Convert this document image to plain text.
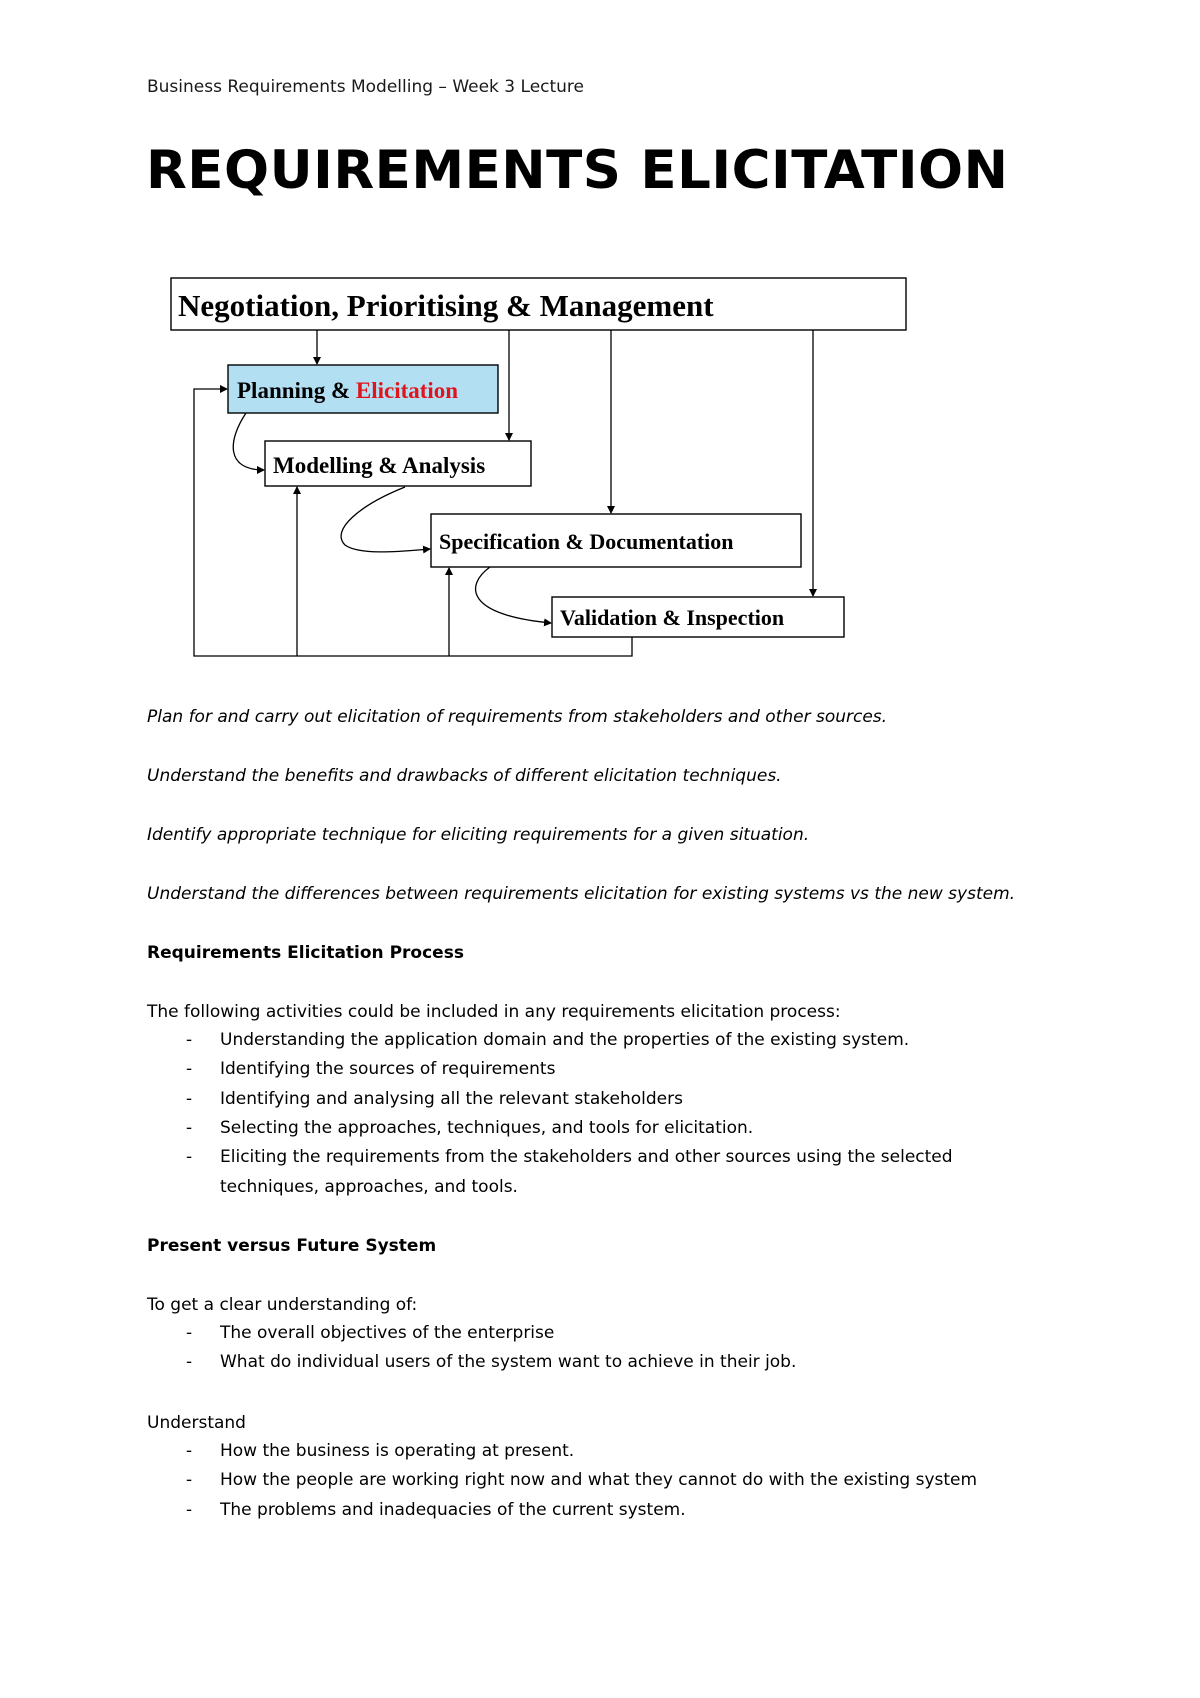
Business Requirements Modelling – Week 3 Lecture
REQUIREMENTS ELICITATION
Negotiation, Prioritising & Management
Planning & Elicitation
Modelling & Analysis
Specification & Documentation
Validation & Inspection
Plan for and carry out elicitation of requirements from stakeholders and other sources.
Understand the benefits and drawbacks of different elicitation techniques.
Identify appropriate technique for eliciting requirements for a given situation.
Understand the differences between requirements elicitation for existing systems vs the new system.
Requirements Elicitation Process
The following activities could be included in any requirements elicitation process:
- Understanding the application domain and the properties of the existing system.
- Identifying the sources of requirements
- Identifying and analysing all the relevant stakeholders
- Selecting the approaches, techniques, and tools for elicitation.
- Eliciting the requirements from the stakeholders and other sources using the selected
techniques, approaches, and tools.
Present versus Future System
To get a clear understanding of:
- The overall objectives of the enterprise
- What do individual users of the system want to achieve in their job.
Understand
- How the business is operating at present.
- How the people are working right now and what they cannot do with the existing system
- The problems and inadequacies of the current system.
